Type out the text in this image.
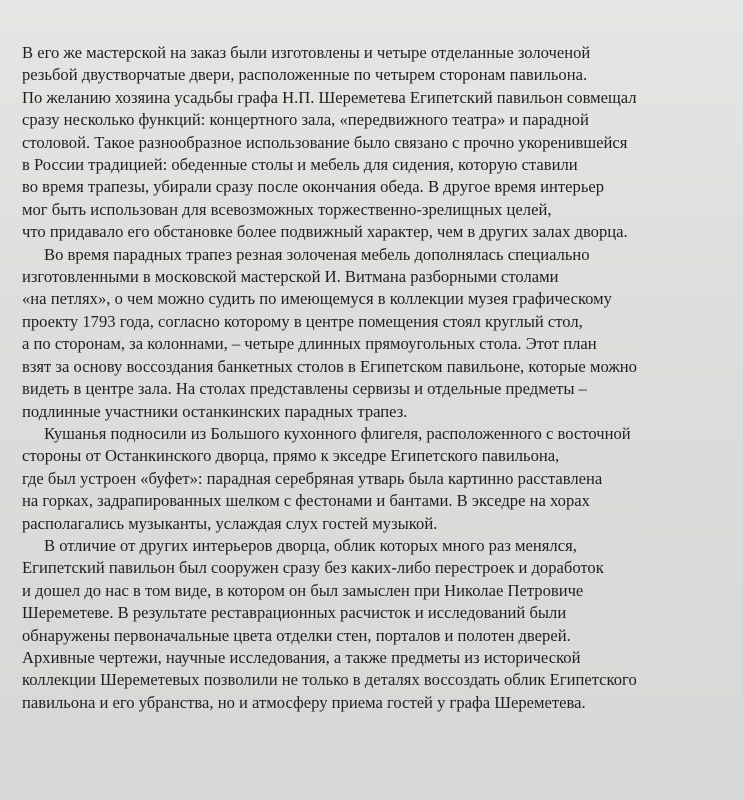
В его же мастерской на заказ были изготовлены и четыре отделанные золоченой
резьбой двустворчатые двери, расположенные по четырем сторонам павильона.
По желанию хозяина усадьбы графа Н.П. Шереметева Египетский павильон совмещал
сразу несколько функций: концертного зала, «передвижного театра» и парадной
столовой. Такое разнообразное использование было связано с прочно укоренившейся
в России традицией: обеденные столы и мебель для сидения, которую ставили
во время трапезы, убирали сразу после окончания обеда. В другое время интерьер
мог быть использован для всевозможных торжественно-зрелищных целей,
что придавало его обстановке более подвижный характер, чем в других залах дворца.
Во время парадных трапез резная золоченая мебель дополнялась специально
изготовленными в московской мастерской И. Витмана разборными столами
«на петлях», о чем можно судить по имеющемуся в коллекции музея графическому
проекту 1793 года, согласно которому в центре помещения стоял круглый стол,
а по сторонам, за колоннами, – четыре длинных прямоугольных стола. Этот план
взят за основу воссоздания банкетных столов в Египетском павильоне, которые можно
видеть в центре зала. На столах представлены сервизы и отдельные предметы –
подлинные участники останкинских парадных трапез.
Кушанья подносили из Большого кухонного флигеля, расположенного с восточной
стороны от Останкинского дворца, прямо к экседре Египетского павильона,
где был устроен «буфет»: парадная серебряная утварь была картинно расставлена
на горках, задрапированных шелком с фестонами и бантами. В экседре на хорах
располагались музыканты, услаждая слух гостей музыкой.
В отличие от других интерьеров дворца, облик которых много раз менялся,
Египетский павильон был сооружен сразу без каких-либо перестроек и доработок
и дошел до нас в том виде, в котором он был замыслен при Николае Петровиче
Шереметеве. В результате реставрационных расчисток и исследований были
обнаружены первоначальные цвета отделки стен, порталов и полотен дверей.
Архивные чертежи, научные исследования, а также предметы из исторической
коллекции Шереметевых позволили не только в деталях воссоздать облик Египетского
павильона и его убранства, но и атмосферу приема гостей у графа Шереметева.
